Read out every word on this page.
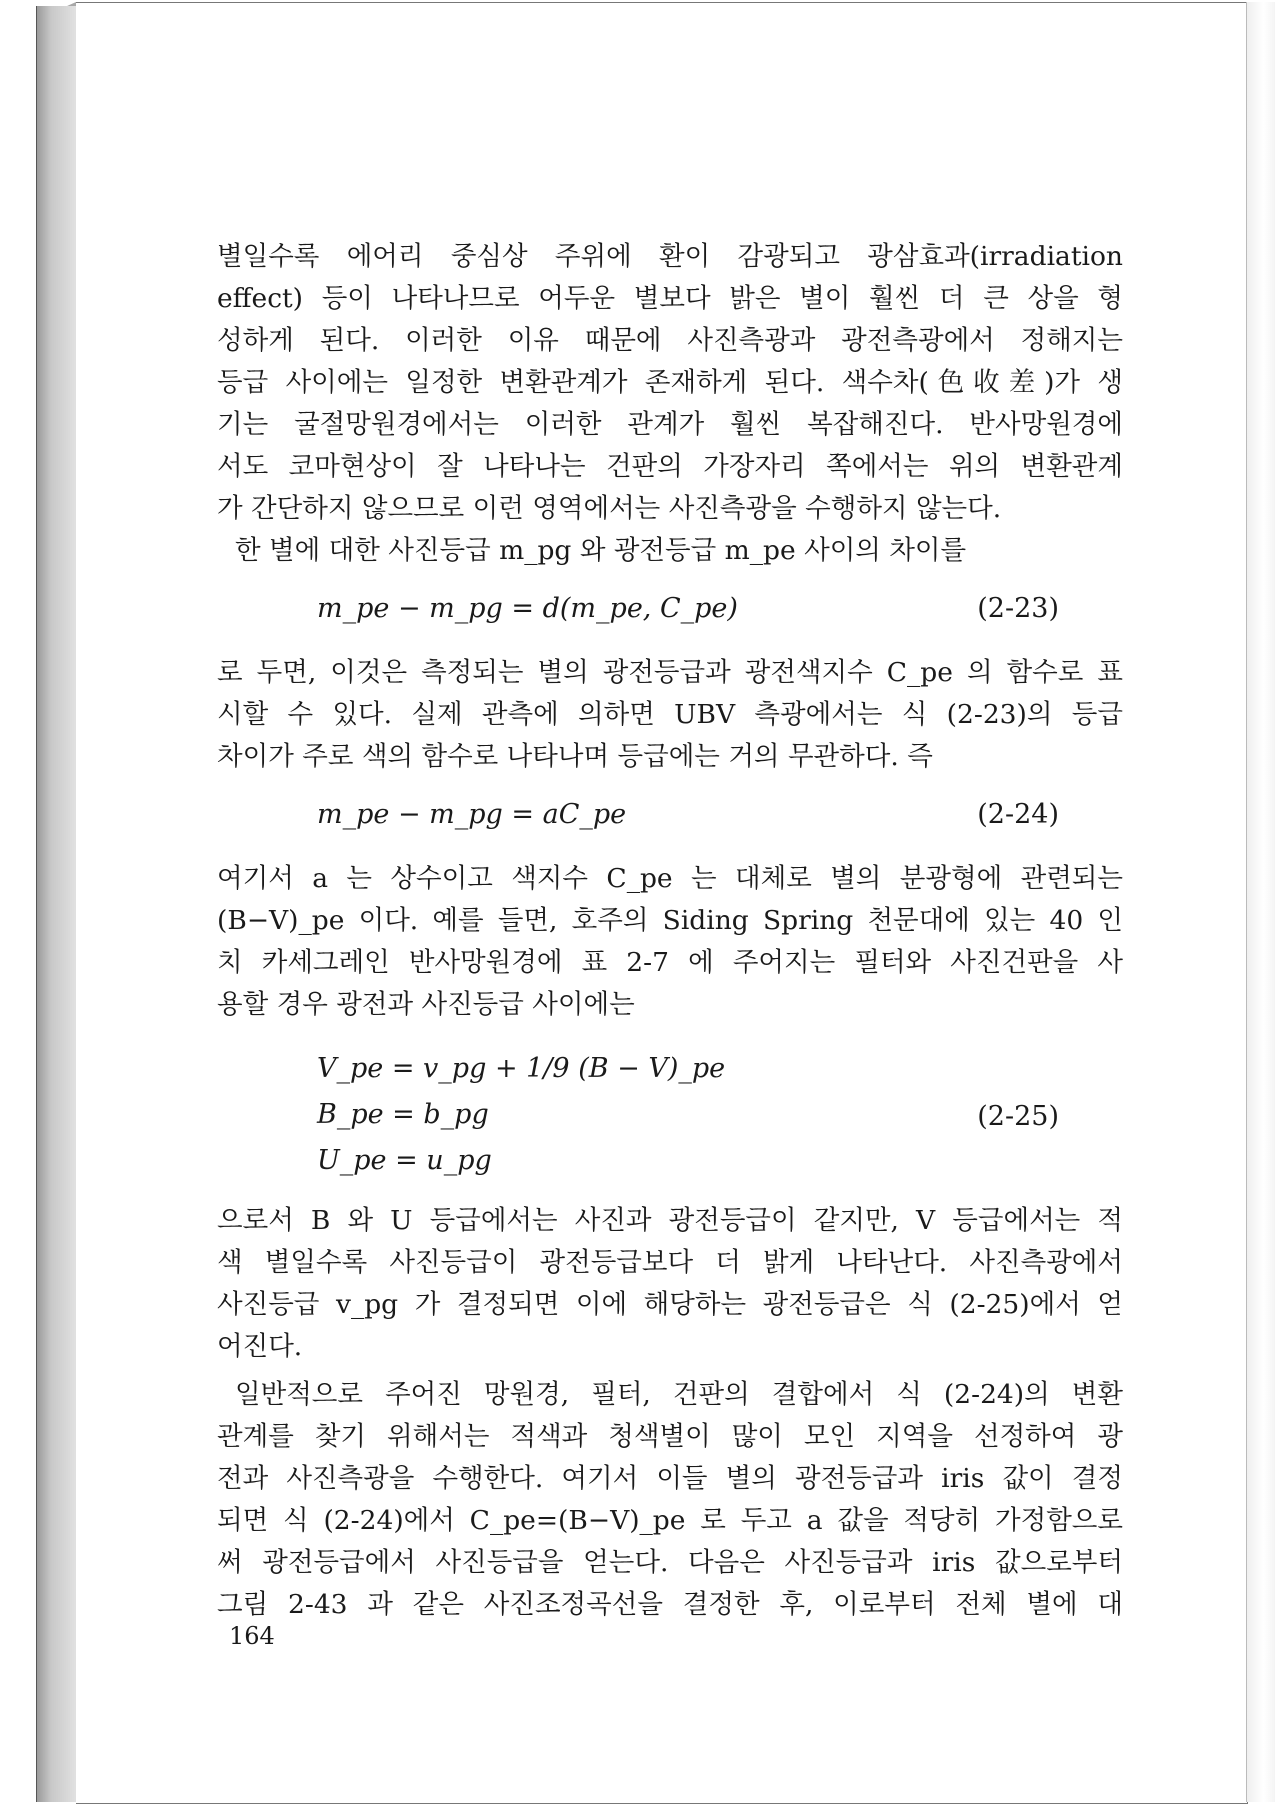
별일수록 에어리 중심상 주위에 환이 감광되고 광삼효과(irradiation
effect) 등이 나타나므로 어두운 별보다 밝은 별이 훨씬 더 큰 상을 형
성하게 된다. 이러한 이유 때문에 사진측광과 광전측광에서 정해지는
등급 사이에는 일정한 변환관계가 존재하게 된다. 색수차(色收差)가 생
기는 굴절망원경에서는 이러한 관계가 훨씬 복잡해진다. 반사망원경에
서도 코마현상이 잘 나타나는 건판의 가장자리 쪽에서는 위의 변환관계
가 간단하지 않으므로 이런 영역에서는 사진측광을 수행하지 않는다.
한 별에 대한 사진등급 m_pg 와 광전등급 m_pe 사이의 차이를
m_pe − m_pg = d(m_pe, C_pe)	(2-23)
로 두면, 이것은 측정되는 별의 광전등급과 광전색지수 C_pe 의 함수로 표
시할 수 있다. 실제 관측에 의하면 UBV 측광에서는 식 (2-23)의 등급
차이가 주로 색의 함수로 나타나며 등급에는 거의 무관하다. 즉
m_pe − m_pg = aC_pe	(2-24)
여기서 a 는 상수이고 색지수 C_pe 는 대체로 별의 분광형에 관련되는
(B−V)_pe 이다. 예를 들면, 호주의 Siding Spring 천문대에 있는 40 인
치 카세그레인 반사망원경에 표 2-7 에 주어지는 필터와 사진건판을 사
용할 경우 광전과 사진등급 사이에는
V_pe = v_pg + 1/9 (B − V)_pe
B_pe = b_pg
U_pe = u_pg
(2-25)
으로서 B 와 U 등급에서는 사진과 광전등급이 같지만, V 등급에서는 적
색 별일수록 사진등급이 광전등급보다 더 밝게 나타난다. 사진측광에서
사진등급 v_pg 가 결정되면 이에 해당하는 광전등급은 식 (2-25)에서 얻
어진다.
일반적으로 주어진 망원경, 필터, 건판의 결합에서 식 (2-24)의 변환
관계를 찾기 위해서는 적색과 청색별이 많이 모인 지역을 선정하여 광
전과 사진측광을 수행한다. 여기서 이들 별의 광전등급과 iris 값이 결정
되면 식 (2-24)에서 C_pe=(B−V)_pe 로 두고 a 값을 적당히 가정함으로
써 광전등급에서 사진등급을 얻는다. 다음은 사진등급과 iris 값으로부터
그림 2-43 과 같은 사진조정곡선을 결정한 후, 이로부터 전체 별에 대
164
